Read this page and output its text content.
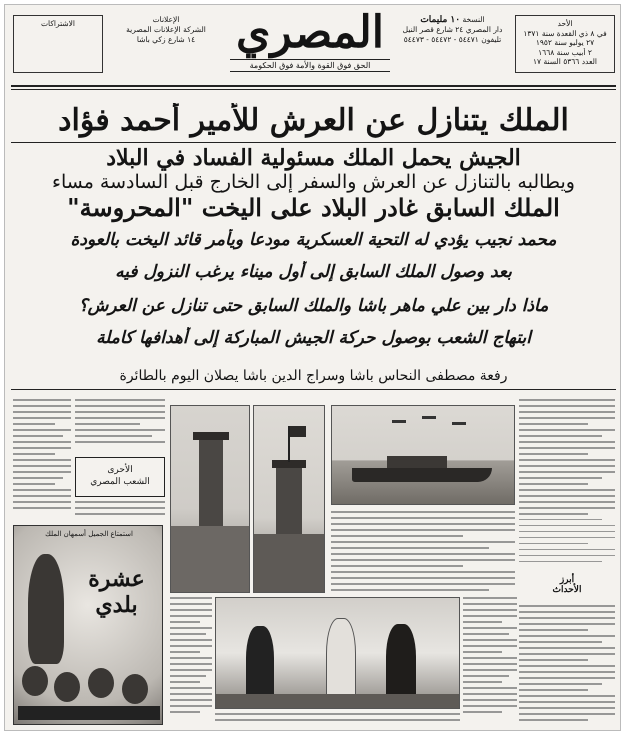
الأحد
في ٨ ذي القعدة سنة ١٣٧١
٢٧ يوليو سنة ١٩٥٢
٢ أبيب سنة ١٦٦٨
العدد ٥٣٦٦ السنة ١٧
النسخة ١٠ مليمات
دار المصري ٢٤ شارع قصر النيل
تليفون ٥٤٤٧١ - ٥٤٤٧٢ - ٥٤٤٧٣
المصري
الحق فوق القوة والأمة فوق الحكومة
الإعلانات
الشركة الإعلانات المصرية
١٤ شارع زكي باشا
الاشتراكات
الملك يتنازل عن العرش للأمير أحمد فؤاد
الجيش يحمل الملك مسئولية الفساد في البلاد
ويطالبه بالتنازل عن العرش والسفر إلى الخارج قبل السادسة مساء
الملك السابق غادر البلاد على اليخت "المحروسة"
محمد نجيب يؤدي له التحية العسكرية مودعا ويأمر قائد اليخت بالعودة
بعد وصول الملك السابق إلى أول ميناء يرغب النزول فيه
ماذا دار بين علي ماهر باشا والملك السابق حتى تنازل عن العرش؟
ابتهاج الشعب بوصول حركة الجيش المباركة إلى أهدافها كاملة
رفعة مصطفى النحاس باشا وسراج الدين باشا يصلان اليوم بالطائرة
الأحرى
الشعب المصري
أبرز
الأحداث
استمتاع الجميل أسمهان الملك
عشرة بلدي
